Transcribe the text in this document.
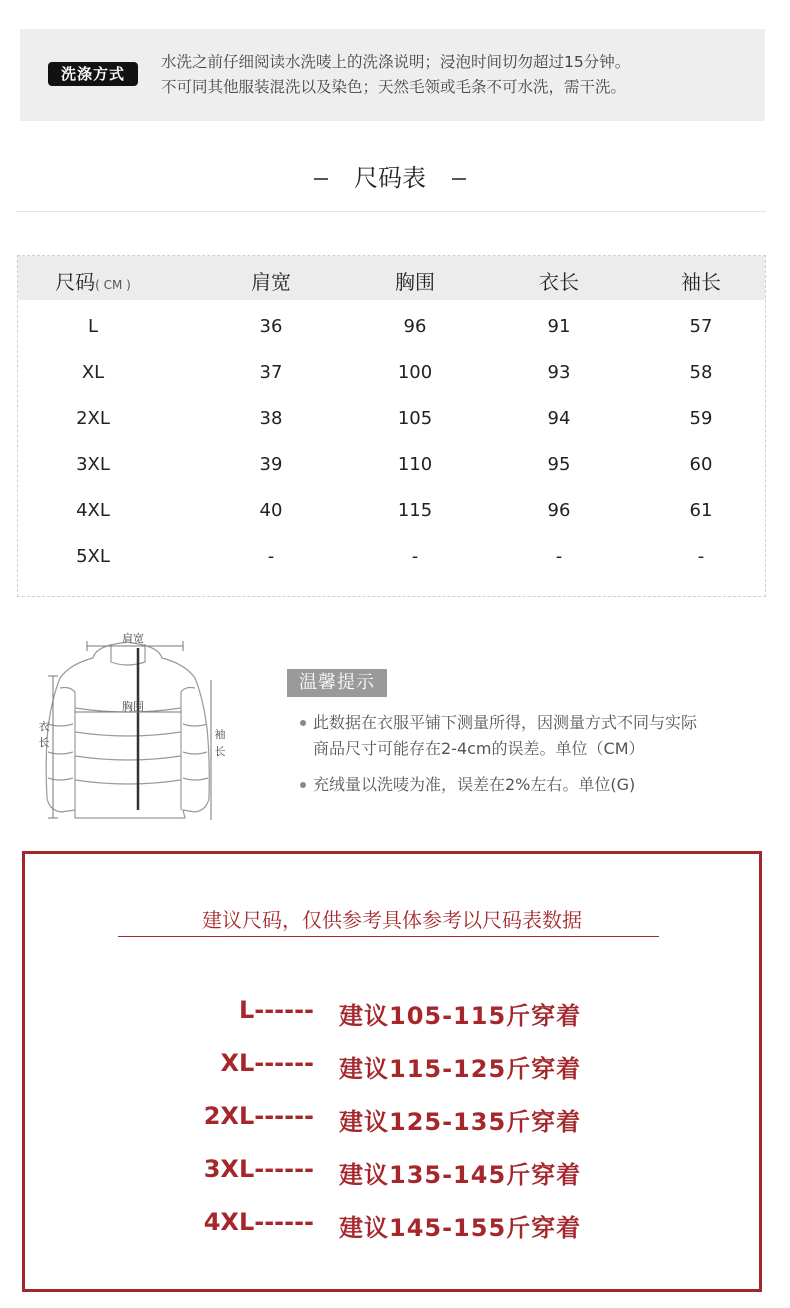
洗涤方式
水洗之前仔细阅读水洗唛上的洗涤说明；浸泡时间切勿超过15分钟。
不可同其他服装混洗以及染色；天然毛领或毛条不可水洗，需干洗。
尺码表
尺码( CM )	肩宽	胸围	衣长	袖长
L	36	96	91	57
XL	37	100	93	58
2XL	38	105	94	59
3XL	39	110	95	60
4XL	40	115	96	61
5XL	-	-	-	-
肩宽
胸围
衣
长
袖
长
温馨提示
此数据在衣服平铺下测量所得，因测量方式不同与实际
商品尺寸可能存在2-4cm的误差。单位（CM）
充绒量以洗唛为准，误差在2%左右。单位(G)
建议尺码，仅供参考具体参考以尺码表数据
L------ 建议105-115斤穿着
XL------ 建议115-125斤穿着
2XL------ 建议125-135斤穿着
3XL------ 建议135-145斤穿着
4XL------ 建议145-155斤穿着
